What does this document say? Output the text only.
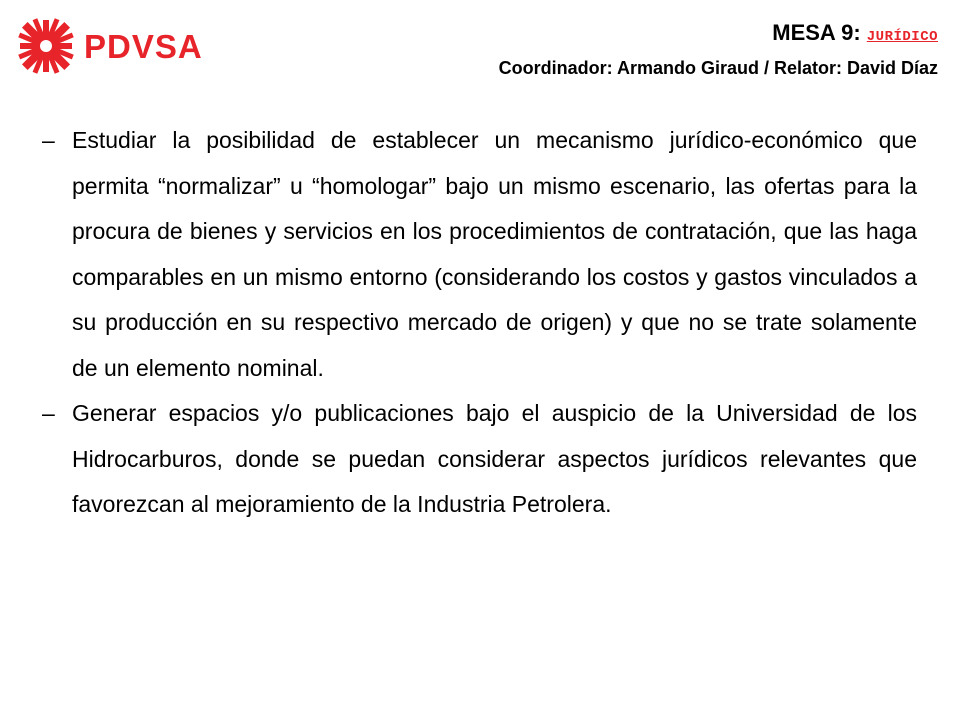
PDVSA	MESA 9: JURÍDICO
Coordinador: Armando Giraud / Relator: David Díaz
– Estudiar la posibilidad de establecer un mecanismo jurídico-económico que permita “normalizar” u “homologar” bajo un mismo escenario, las ofertas para la procura de bienes y servicios en los procedimientos de contratación, que las haga comparables en un mismo entorno (considerando los costos y gastos vinculados a su producción en su respectivo mercado de origen) y que no se trate solamente de un elemento nominal.
– Generar espacios y/o publicaciones bajo el auspicio de la Universidad de los Hidrocarburos, donde se puedan considerar aspectos jurídicos relevantes que favorezcan al mejoramiento de la Industria Petrolera.
